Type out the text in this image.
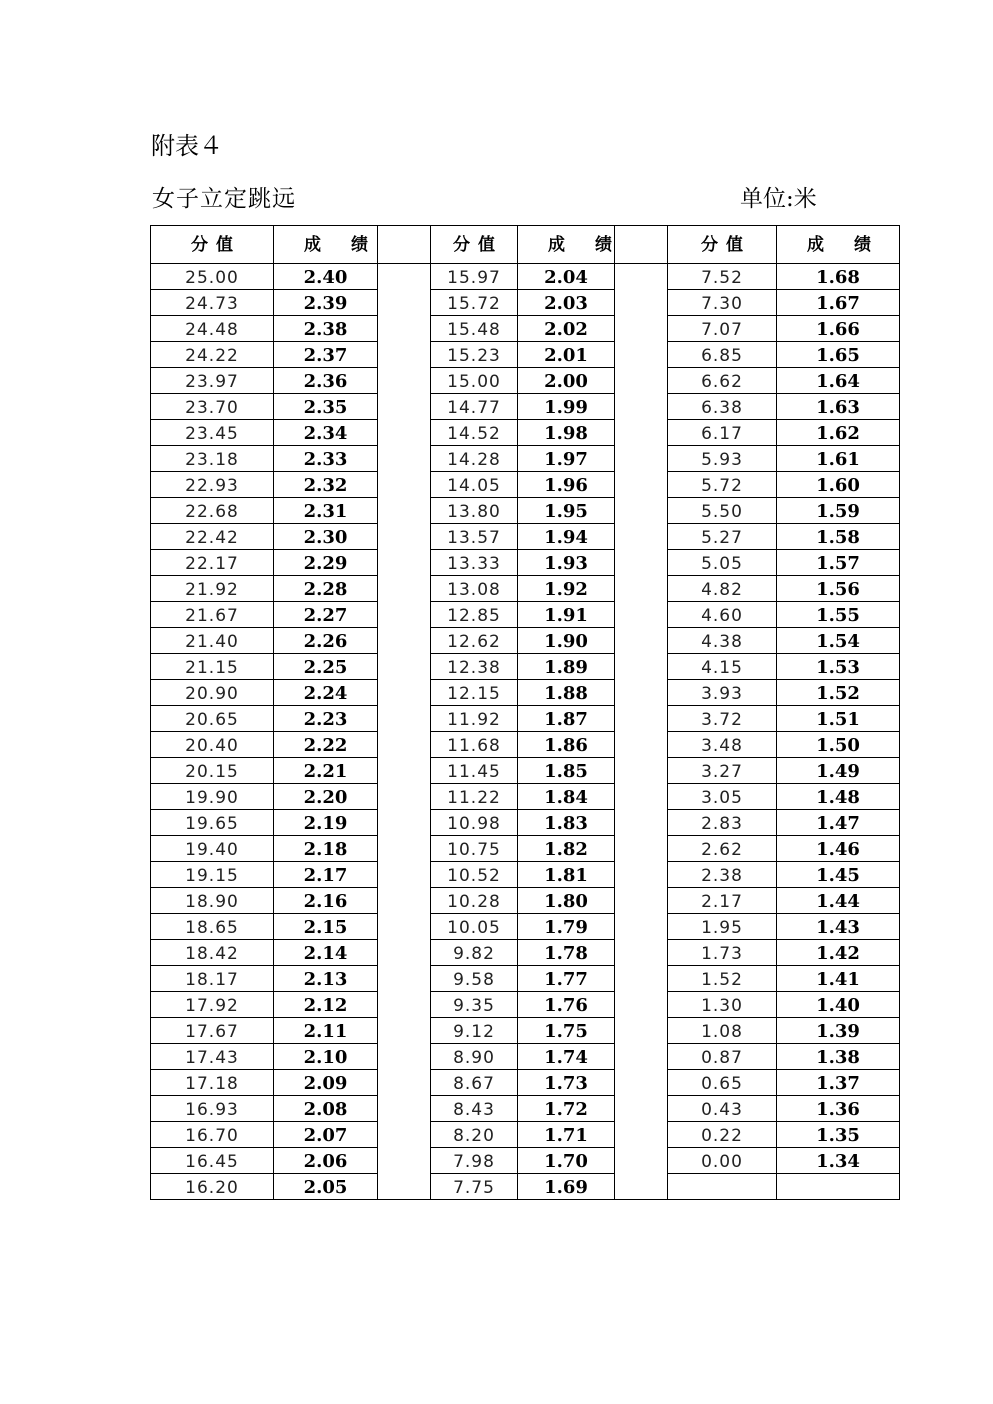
附表４
女子立定跳远	单位:米
分值	成绩		分值	成绩		分值	成绩
25.00	2.40		15.97	2.04		7.52	1.68
24.73	2.39		15.72	2.03		7.30	1.67
24.48	2.38		15.48	2.02		7.07	1.66
24.22	2.37		15.23	2.01		6.85	1.65
23.97	2.36		15.00	2.00		6.62	1.64
23.70	2.35		14.77	1.99		6.38	1.63
23.45	2.34		14.52	1.98		6.17	1.62
23.18	2.33		14.28	1.97		5.93	1.61
22.93	2.32		14.05	1.96		5.72	1.60
22.68	2.31		13.80	1.95		5.50	1.59
22.42	2.30		13.57	1.94		5.27	1.58
22.17	2.29		13.33	1.93		5.05	1.57
21.92	2.28		13.08	1.92		4.82	1.56
21.67	2.27		12.85	1.91		4.60	1.55
21.40	2.26		12.62	1.90		4.38	1.54
21.15	2.25		12.38	1.89		4.15	1.53
20.90	2.24		12.15	1.88		3.93	1.52
20.65	2.23		11.92	1.87		3.72	1.51
20.40	2.22		11.68	1.86		3.48	1.50
20.15	2.21		11.45	1.85		3.27	1.49
19.90	2.20		11.22	1.84		3.05	1.48
19.65	2.19		10.98	1.83		2.83	1.47
19.40	2.18		10.75	1.82		2.62	1.46
19.15	2.17		10.52	1.81		2.38	1.45
18.90	2.16		10.28	1.80		2.17	1.44
18.65	2.15		10.05	1.79		1.95	1.43
18.42	2.14		9.82	1.78		1.73	1.42
18.17	2.13		9.58	1.77		1.52	1.41
17.92	2.12		9.35	1.76		1.30	1.40
17.67	2.11		9.12	1.75		1.08	1.39
17.43	2.10		8.90	1.74		0.87	1.38
17.18	2.09		8.67	1.73		0.65	1.37
16.93	2.08		8.43	1.72		0.43	1.36
16.70	2.07		8.20	1.71		0.22	1.35
16.45	2.06		7.98	1.70		0.00	1.34
16.20	2.05		7.75	1.69			
